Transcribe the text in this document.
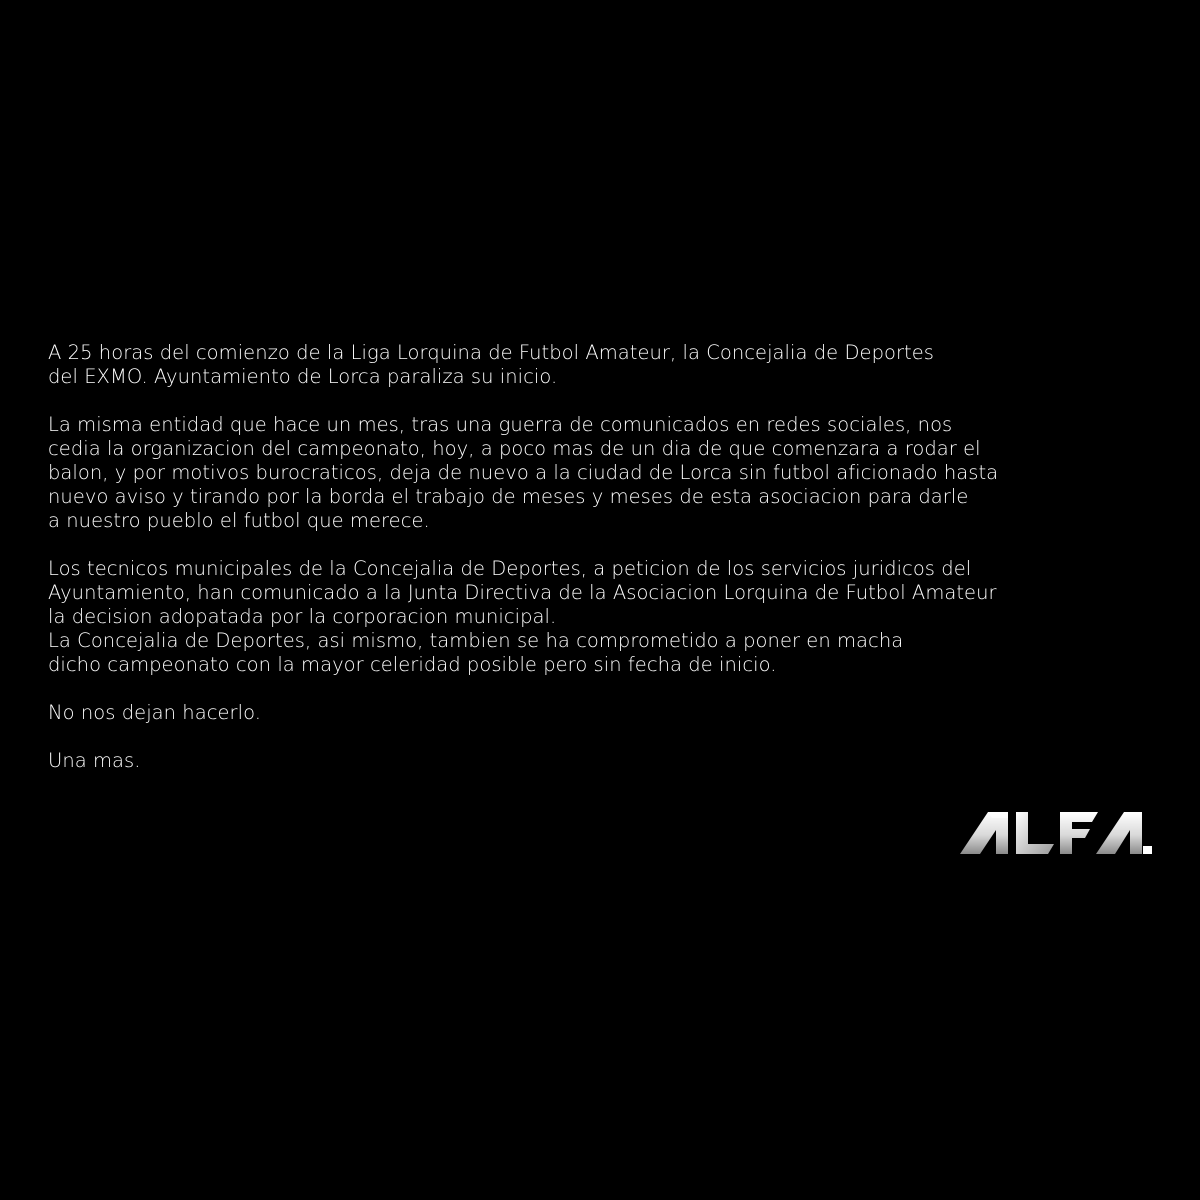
A 25 horas del comienzo de la Liga Lorquina de Futbol Amateur, la Concejalia de Deportes
del EXMO. Ayuntamiento de Lorca paraliza su inicio.

La misma entidad que hace un mes, tras una guerra de comunicados en redes sociales, nos
cedia la organizacion del campeonato, hoy, a poco mas de un dia de que comenzara a rodar el
balon, y por motivos burocraticos, deja de nuevo a la ciudad de Lorca sin futbol aficionado hasta
nuevo aviso y tirando por la borda el trabajo de meses y meses de esta asociacion para darle
a nuestro pueblo el futbol que merece.

Los tecnicos municipales de la Concejalia de Deportes, a peticion de los servicios juridicos del
Ayuntamiento, han comunicado a la Junta Directiva de la Asociacion Lorquina de Futbol Amateur
la decision adopatada por la corporacion municipal.
La Concejalia de Deportes, asi mismo, tambien se ha comprometido a poner en macha
dicho campeonato con la mayor celeridad posible pero sin fecha de inicio.

No nos dejan hacerlo.

Una mas.
